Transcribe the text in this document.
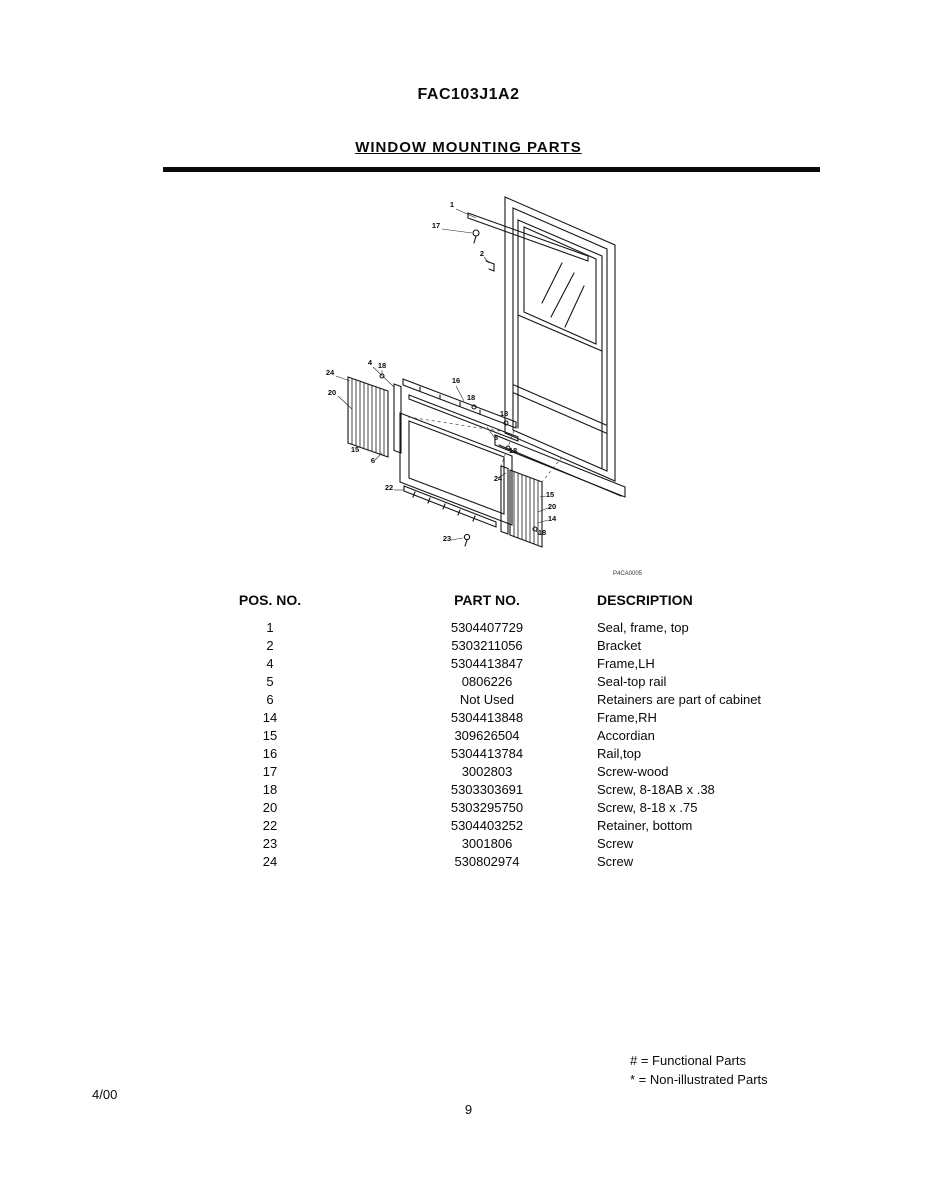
FAC103J1A2
WINDOW MOUNTING PARTS
1
17
2
24
4 18
20
16
18
15
6
18
5
18
24
22
15
20
14
18
23
P4CA0005
POS. NO.		PART NO.	DESCRIPTION
1		5304407729	Seal, frame, top
2		5303211056	Bracket
4		5304413847	Frame,LH
5		0806226	Seal-top rail
6		Not Used	Retainers are part of cabinet
14		5304413848	Frame,RH
15		309626504	Accordian
16		5304413784	Rail,top
17		3002803	Screw-wood
18		5303303691	Screw, 8-18AB x .38
20		5303295750	Screw, 8-18 x .75
22		5304403252	Retainer, bottom
23		3001806	Screw
24		530802974	Screw
# = Functional Parts
* = Non-illustrated Parts
4/00
9
